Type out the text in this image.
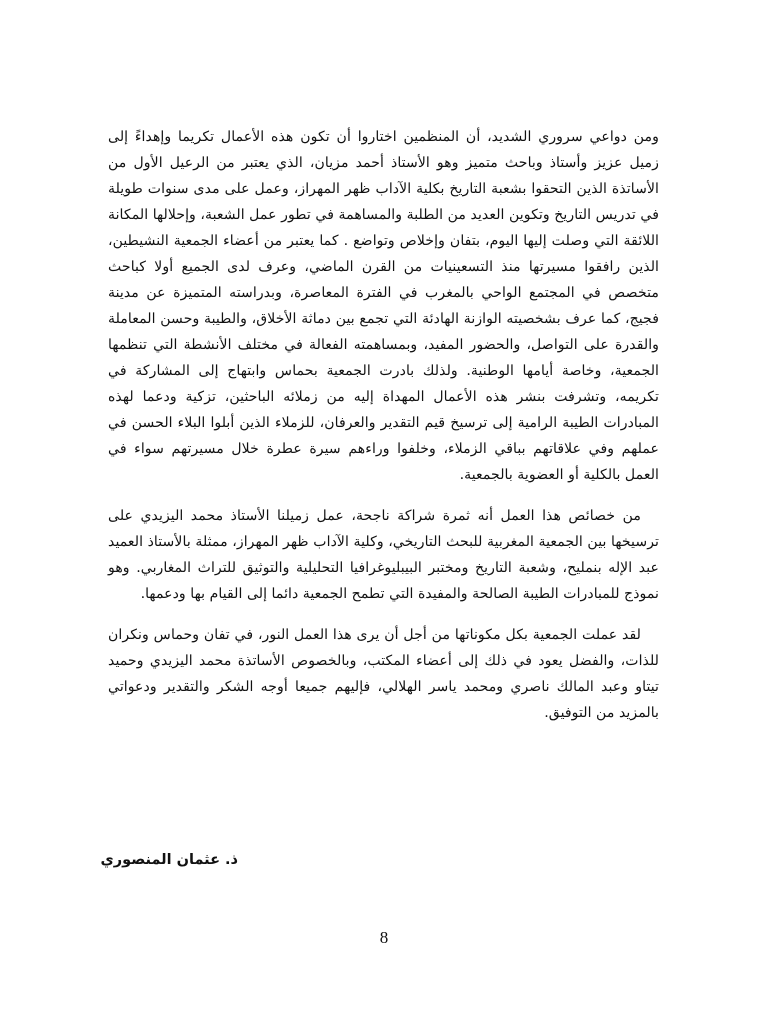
ومن دواعي سروري الشديد، أن المنظمين اختاروا أن تكون هذه الأعمال تكريما وإهداءً إلى زميل عزيز وأستاذ وباحث متميز وهو الأستاذ أحمد مزيان، الذي يعتبر من الرعيل الأول من الأساتذة الذين التحقوا بشعبة التاريخ بكلية الآداب ظهر المهراز، وعمل على مدى سنوات طويلة في تدريس التاريخ وتكوين العديد من الطلبة والمساهمة في تطور عمل الشعبة، وإحلالها المكانة اللائقة التي وصلت إليها اليوم، بتفان وإخلاص وتواضع . كما يعتبر من أعضاء الجمعية النشيطين، الذين رافقوا مسيرتها منذ التسعينيات من القرن الماضي، وعرف لدى الجميع أولا كباحث متخصص في المجتمع الواحي بالمغرب في الفترة المعاصرة، وبدراسته المتميزة عن مدينة فجيج، كما عرف بشخصيته الوازنة الهادئة التي تجمع بين دماثة الأخلاق، والطيبة وحسن المعاملة والقدرة على التواصل، والحضور المفيد، وبمساهمته الفعالة في مختلف الأنشطة التي تنظمها الجمعية، وخاصة أيامها الوطنية. ولذلك بادرت الجمعية بحماس وابتهاج إلى المشاركة في تكريمه، وتشرفت بنشر هذه الأعمال المهداة إليه من زملائه الباحثين، تزكية ودعما لهذه المبادرات الطيبة الرامية إلى ترسيخ قيم التقدير والعرفان، للزملاء الذين أبلوا البلاء الحسن في عملهم وفي علاقاتهم بباقي الزملاء، وخلفوا وراءهم سيرة عطرة خلال مسيرتهم سواء في العمل بالكلية أو العضوية بالجمعية.

من خصائص هذا العمل أنه ثمرة شراكة ناجحة، عمل زميلنا الأستاذ محمد اليزيدي على ترسيخها بين الجمعية المغربية للبحث التاريخي، وكلية الآداب ظهر المهراز، ممثلة بالأستاذ العميد عبد الإله بنمليح، وشعبة التاريخ ومختبر البيبليوغرافيا التحليلية والتوثيق للتراث المغاربي. وهو نموذج للمبادرات الطيبة الصالحة والمفيدة التي تطمح الجمعية دائما إلى القيام بها ودعمها.

لقد عملت الجمعية بكل مكوناتها من أجل أن يرى هذا العمل النور، في تفان وحماس ونكران للذات، والفضل يعود في ذلك إلى أعضاء المكتب، وبالخصوص الأساتذة محمد اليزيدي وحميد تيتاو وعبد المالك ناصري ومحمد ياسر الهلالي، فإليهم جميعا أوجه الشكر والتقدير ودعواتي بالمزيد من التوفيق.

ذ. عثمان المنصوري
8
